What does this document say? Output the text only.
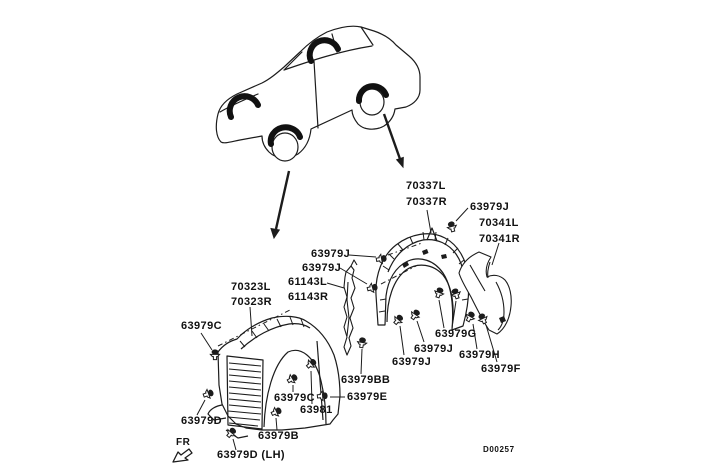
70337L
70337R 63979J
70341L
70341R
63979J
63979J
61143L
61143R
70323L
70323R
63979C
63979G
63979J 63979H
63979J
63979F
63979BB
63979C	63979E
63981
63979D
63979B
63979D (LH)
FR
D00257
